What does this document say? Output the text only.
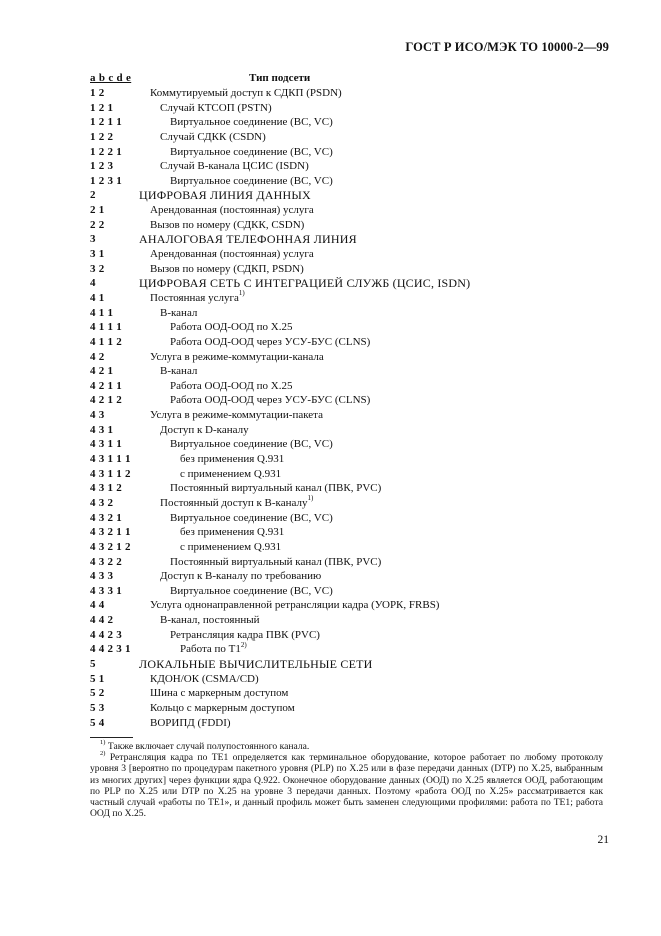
ГОСТ Р ИСО/МЭК ТО 10000-2—99
a b c d e	Тип подсети
1 2	Коммутируемый доступ к СДКП (PSDN)
1 2 1	Случай КТСОП (PSTN)
1 2 1 1	Виртуальное соединение (BC, VC)
1 2 2	Случай СДКК (CSDN)
1 2 2 1	Виртуальное соединение (BC, VC)
1 2 3	Случай В-канала ЦСИС (ISDN)
1 2 3 1	Виртуальное соединение (BC, VC)
2	ЦИФРОВАЯ ЛИНИЯ ДАННЫХ
2 1	Арендованная (постоянная) услуга
2 2	Вызов по номеру (СДКК, CSDN)
3	АНАЛОГОВАЯ ТЕЛЕФОННАЯ ЛИНИЯ
3 1	Арендованная (постоянная) услуга
3 2	Вызов по номеру (СДКП, PSDN)
4	ЦИФРОВАЯ СЕТЬ С ИНТЕГРАЦИЕЙ СЛУЖБ (ЦСИС, ISDN)
4 1	Постоянная услуга$^{1)}$
4 1 1	В-канал
4 1 1 1	Работа ООД-ООД по Х.25
4 1 1 2	Работа ООД-ООД через УСУ-БУС (CLNS)
4 2	Услуга в режиме-коммутации-канала
4 2 1	В-канал
4 2 1 1	Работа ООД-ООД по Х.25
4 2 1 2	Работа ООД-ООД через УСУ-БУС (CLNS)
4 3	Услуга в режиме-коммутации-пакета
4 3 1	Доступ к D-каналу
4 3 1 1	Виртуальное соединение (BC, VC)
4 3 1 1 1	без применения Q.931
4 3 1 1 2	с применением Q.931
4 3 1 2	Постоянный виртуальный канал (ПВК, PVC)
4 3 2	Постоянный доступ к В-каналу$^{1)}$
4 3 2 1	Виртуальное соединение (BC, VC)
4 3 2 1 1	без применения Q.931
4 3 2 1 2	с применением Q.931
4 3 2 2	Постоянный виртуальный канал (ПВК, PVC)
4 3 3	Доступ к В-каналу по требованию
4 3 3 1	Виртуальное соединение (BC, VC)
4 4	Услуга однонаправленной ретрансляции кадра (УОРК, FRBS)
4 4 2	В-канал, постоянный
4 4 2 3	Ретрансляция кадра ПВК (PVC)
4 4 2 3 1	Работа по Т1$^{2)}$
5	ЛОКАЛЬНЫЕ ВЫЧИСЛИТЕЛЬНЫЕ СЕТИ
5 1	КДОН/ОК (CSMA/CD)
5 2	Шина с маркерным доступом
5 3	Кольцо с маркерным доступом
5 4	ВОРИПД (FDDI)

$^{1)}$ Также включает случай полупостоянного канала.

$^{2)}$ Ретрансляция кадра по ТЕ1 определяется как терминальное оборудование, которое работает по любому протоколу уровня 3 [вероятно по процедурам пакетного уровня (PLP) по Х.25 или в фазе передачи данных (DTP) по Х.25, выбранным из многих других] через функции ядра Q.922. Оконечное оборудование данных (ООД) по Х.25 является ООД, работающим по PLP по Х.25 или DTP по Х.25 на уровне 3 передачи данных. Поэтому «работа ООД по Х.25» рассматривается как частный случай «работы по ТЕ1», и данный профиль может быть заменен следующими профилями: работа по ТЕ1; работа ООД по Х.25.

21
